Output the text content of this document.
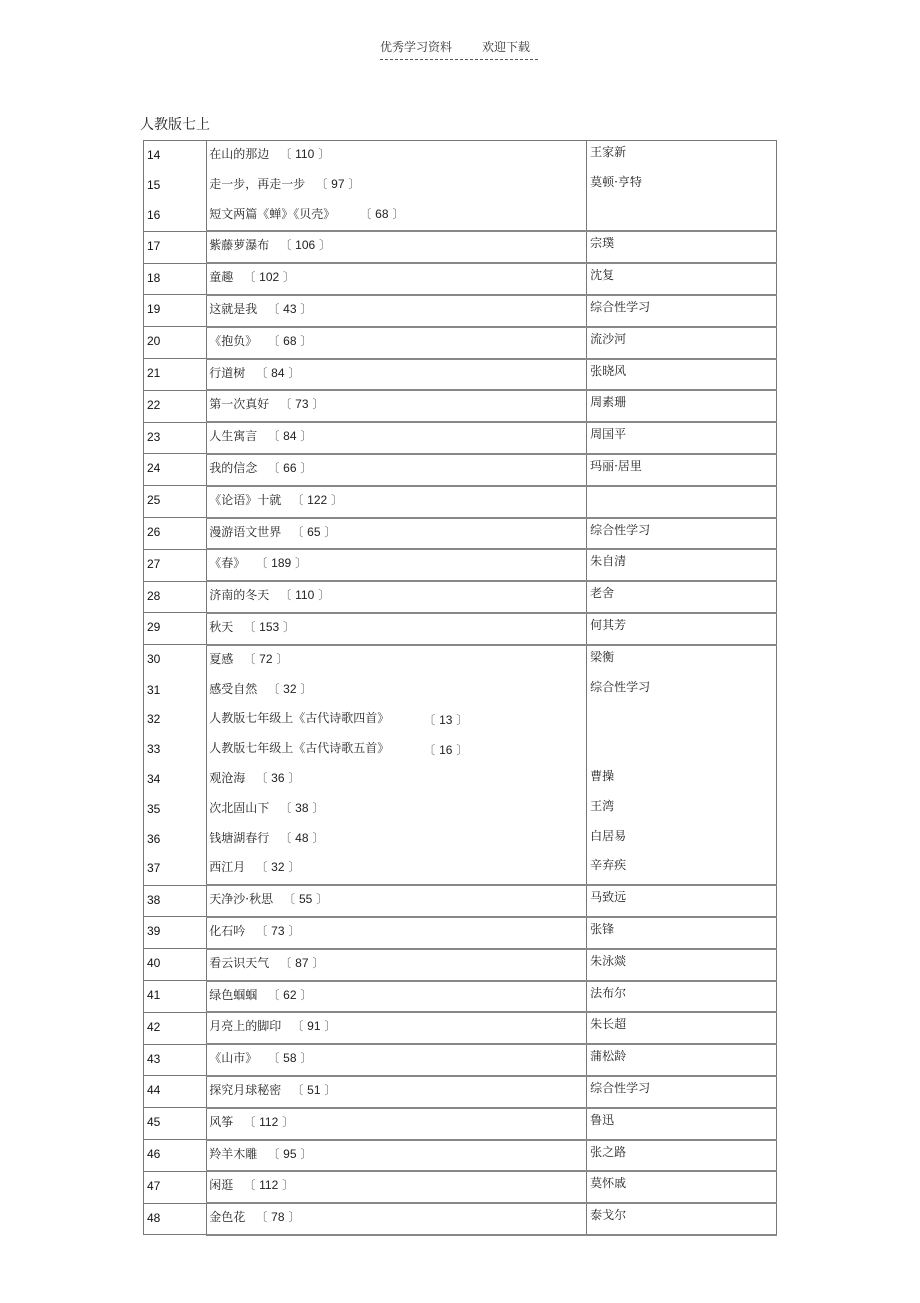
优秀学习资料	欢迎下载
人教版七上
14	在山的那边 〔 110 〕	王家新

15	走一步，再走一步 〔 97 〕	莫顿·亨特

16	短文两篇《蝉》《贝壳》 〔 68 〕	

17	紫藤萝瀑布 〔 106 〕	宗璞

18	童趣 〔 102 〕	沈复

19	这就是我 〔 43 〕	综合性学习

20	《抱负》 〔 68 〕	流沙河

21	行道树 〔 84 〕	张晓风

22	第一次真好 〔 73 〕	周素珊

23	人生寓言 〔 84 〕	周国平

24	我的信念 〔 66 〕	玛丽·居里

25	《论语》十就 〔 122 〕	

26	漫游语文世界 〔 65 〕	综合性学习

27	《春》 〔 189 〕	朱自清

28	济南的冬天 〔 110 〕	老舍

29	秋天 〔 153 〕	何其芳

30	夏感 〔 72 〕	梁衡

31	感受自然 〔 32 〕	综合性学习

32	人教版七年级上《古代诗歌四首》 〔 13 〕	

33	人教版七年级上《古代诗歌五首》 〔 16 〕	

34	观沧海 〔 36 〕	曹操

35	次北固山下 〔 38 〕	王湾

36	钱塘湖春行 〔 48 〕	白居易

37	西江月 〔 32 〕	辛弃疾

38	天净沙·秋思 〔 55 〕	马致远

39	化石吟 〔 73 〕	张锋

40	看云识天气 〔 87 〕	朱泳燚

41	绿色蝈蝈 〔 62 〕	法布尔

42	月亮上的脚印 〔 91 〕	朱长超

43	《山市》 〔 58 〕	蒲松龄

44	探究月球秘密 〔 51 〕	综合性学习

45	风筝 〔 112 〕	鲁迅

46	羚羊木雕 〔 95 〕	张之路

47	闲逛 〔 112 〕	莫怀戚

48	金色花 〔 78 〕	泰戈尔
